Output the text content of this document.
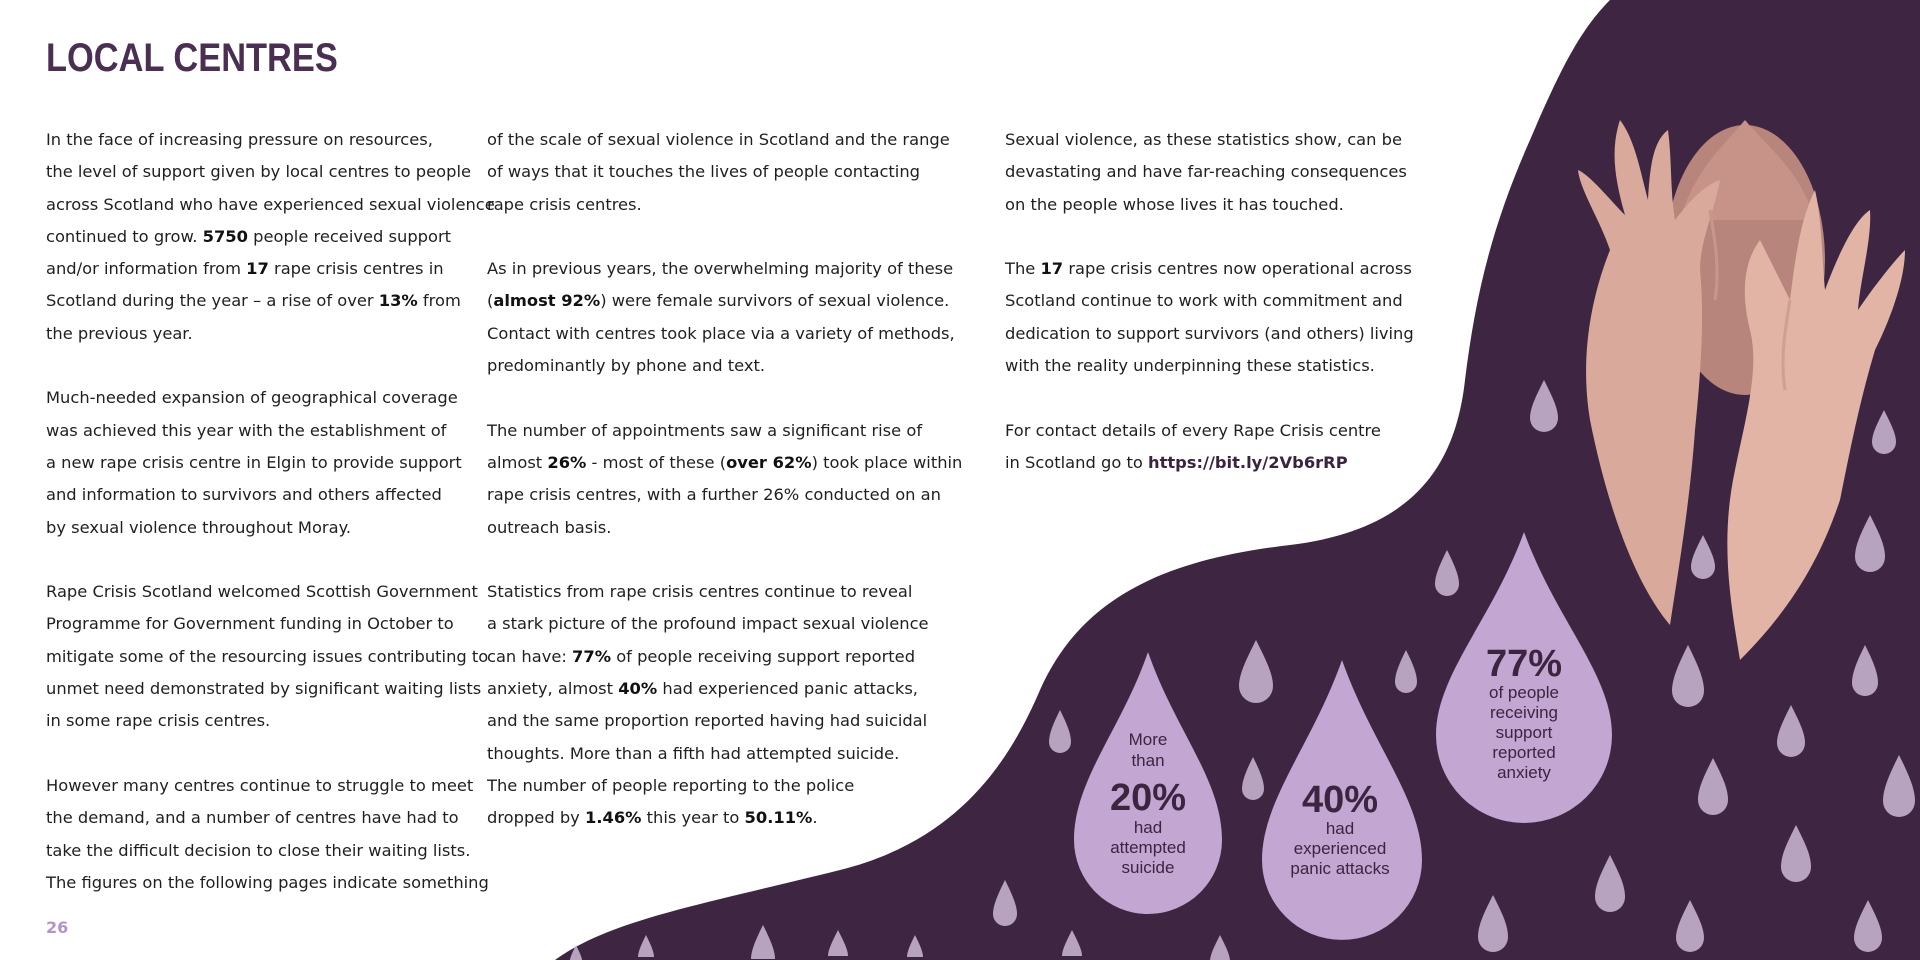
More
than
20%
had
attempted
suicide
40%
had
experienced
panic attacks
77%
of people
receiving
support
reported
anxiety
LOCAL CENTRES

In the face of increasing pressure on resources,
the level of support given by local centres to people
across Scotland who have experienced sexual violence
continued to grow. 5750 people received support
and/or information from 17 rape crisis centres in
Scotland during the year – a rise of over 13% from
the previous year.

Much-needed expansion of geographical coverage
was achieved this year with the establishment of
a new rape crisis centre in Elgin to provide support
and information to survivors and others affected
by sexual violence throughout Moray.

Rape Crisis Scotland welcomed Scottish Government
Programme for Government funding in October to
mitigate some of the resourcing issues contributing to
unmet need demonstrated by significant waiting lists
in some rape crisis centres.

However many centres continue to struggle to meet
the demand, and a number of centres have had to
take the difficult decision to close their waiting lists.
The figures on the following pages indicate something

of the scale of sexual violence in Scotland and the range
of ways that it touches the lives of people contacting
rape crisis centres.

As in previous years, the overwhelming majority of these
(almost 92%) were female survivors of sexual violence.
Contact with centres took place via a variety of methods,
predominantly by phone and text.

The number of appointments saw a significant rise of
almost 26% - most of these (over 62%) took place within
rape crisis centres, with a further 26% conducted on an
outreach basis.

Statistics from rape crisis centres continue to reveal
a stark picture of the profound impact sexual violence
can have: 77% of people receiving support reported
anxiety, almost 40% had experienced panic attacks,
and the same proportion reported having had suicidal
thoughts. More than a fifth had attempted suicide.
The number of people reporting to the police
dropped by 1.46% this year to 50.11%.

Sexual violence, as these statistics show, can be
devastating and have far-reaching consequences
on the people whose lives it has touched.

The 17 rape crisis centres now operational across
Scotland continue to work with commitment and
dedication to support survivors (and others) living
with the reality underpinning these statistics.

For contact details of every Rape Crisis centre
in Scotland go to https://bit.ly/2Vb6rRP

26
